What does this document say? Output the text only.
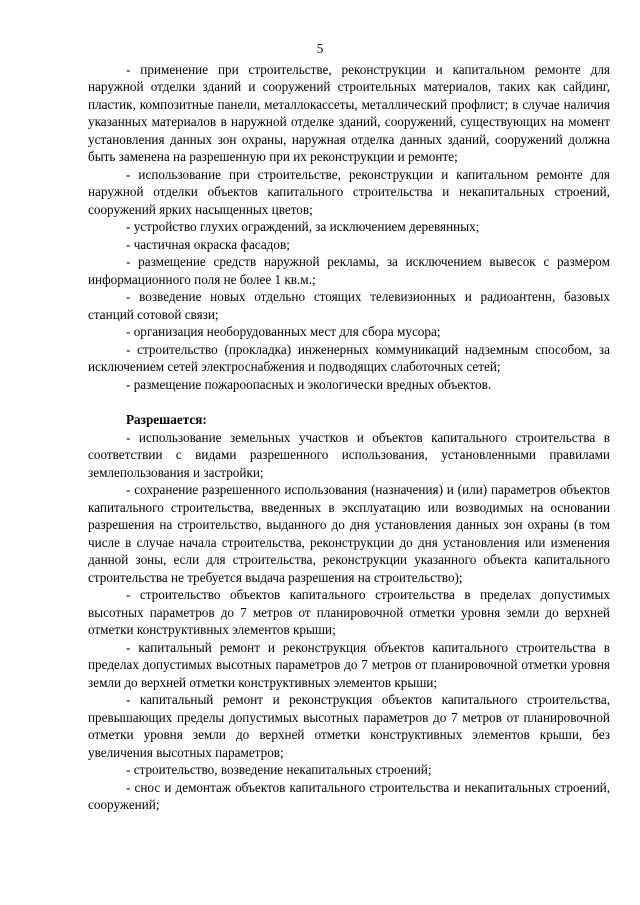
5

- применение при строительстве, реконструкции и капитальном ремонте для наружной отделки зданий и сооружений строительных материалов, таких как сайдинг, пластик, композитные панели, металлокассеты, металлический профлист; в случае наличия указанных материалов в наружной отделке зданий, сооружений, существующих на момент установления данных зон охраны, наружная отделка данных зданий, сооружений должна быть заменена на разрешенную при их реконструкции и ремонте;

- использование при строительстве, реконструкции и капитальном ремонте для наружной отделки объектов капитального строительства и некапитальных строений, сооружений ярких насыщенных цветов;

- устройство глухих ограждений, за исключением деревянных;

- частичная окраска фасадов;

- размещение средств наружной рекламы, за исключением вывесок с размером информационного поля не более 1 кв.м.;

- возведение новых отдельно стоящих телевизионных и радиоантенн, базовых станций сотовой связи;

- организация необорудованных мест для сбора мусора;

- строительство (прокладка) инженерных коммуникаций надземным способом, за исключением сетей электроснабжения и подводящих слаботочных сетей;

- размещение пожароопасных и экологически вредных объектов.

Разрешается:

- использование земельных участков и объектов капитального строительства в соответствии с видами разрешенного использования, установленными правилами землепользования и застройки;

- сохранение разрешенного использования (назначения) и (или) параметров объектов капитального строительства, введенных в эксплуатацию или возводимых на основании разрешения на строительство, выданного до дня установления данных зон охраны (в том числе в случае начала строительства, реконструкции до дня установления или изменения данной зоны, если для строительства, реконструкции указанного объекта капитального строительства не требуется выдача разрешения на строительство);

- строительство объектов капитального строительства в пределах допустимых высотных параметров до 7 метров от планировочной отметки уровня земли до верхней отметки конструктивных элементов крыши;

- капитальный ремонт и реконструкция объектов капитального строительства в пределах допустимых высотных параметров до 7 метров от планировочной отметки уровня земли до верхней отметки конструктивных элементов крыши;

- капитальный ремонт и реконструкция объектов капитального строительства, превышающих пределы допустимых высотных параметров до 7 метров от планировочной отметки уровня земли до верхней отметки конструктивных элементов крыши, без увеличения высотных параметров;

- строительство, возведение некапитальных строений;

- снос и демонтаж объектов капитального строительства и некапитальных строений, сооружений;
